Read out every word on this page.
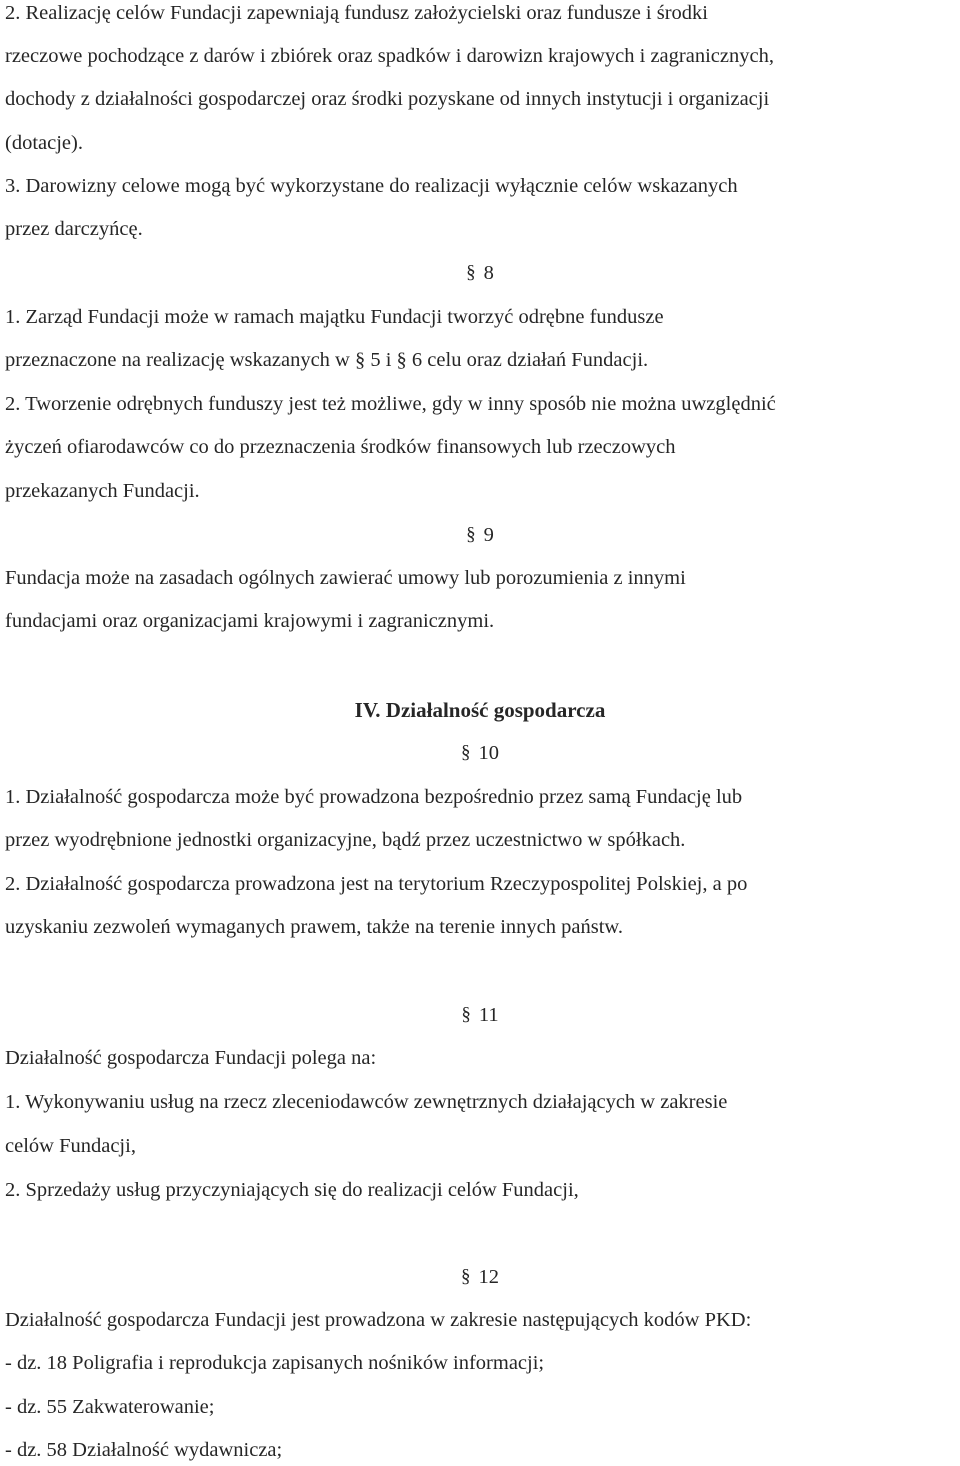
2. Realizację celów Fundacji zapewniają fundusz założycielski oraz fundusze i środki
rzeczowe pochodzące z darów i zbiórek oraz spadków i darowizn krajowych i zagranicznych,
dochody z działalności gospodarczej oraz środki pozyskane od innych instytucji i organizacji
(dotacje).
3. Darowizny celowe mogą być wykorzystane do realizacji wyłącznie celów wskazanych
przez darczyńcę.
§ 8
1. Zarząd Fundacji może w ramach majątku Fundacji tworzyć odrębne fundusze
przeznaczone na realizację wskazanych w § 5 i § 6 celu oraz działań Fundacji.
2. Tworzenie odrębnych funduszy jest też możliwe, gdy w inny sposób nie można uwzględnić
życzeń ofiarodawców co do przeznaczenia środków finansowych lub rzeczowych
przekazanych Fundacji.
§ 9
Fundacja może na zasadach ogólnych zawierać umowy lub porozumienia z innymi
fundacjami oraz organizacjami krajowymi i zagranicznymi.
IV. Działalność gospodarcza
§ 10
1. Działalność gospodarcza może być prowadzona bezpośrednio przez samą Fundację lub
przez wyodrębnione jednostki organizacyjne, bądź przez uczestnictwo w spółkach.
2. Działalność gospodarcza prowadzona jest na terytorium Rzeczypospolitej Polskiej, a po
uzyskaniu zezwoleń wymaganych prawem, także na terenie innych państw.
§ 11
Działalność gospodarcza Fundacji polega na:
1. Wykonywaniu usług na rzecz zleceniodawców zewnętrznych działających w zakresie
celów Fundacji,
2. Sprzedaży usług przyczyniających się do realizacji celów Fundacji,
§ 12
Działalność gospodarcza Fundacji jest prowadzona w zakresie następujących kodów PKD:
- dz. 18 Poligrafia i reprodukcja zapisanych nośników informacji;
- dz. 55 Zakwaterowanie;
- dz. 58 Działalność wydawnicza;
